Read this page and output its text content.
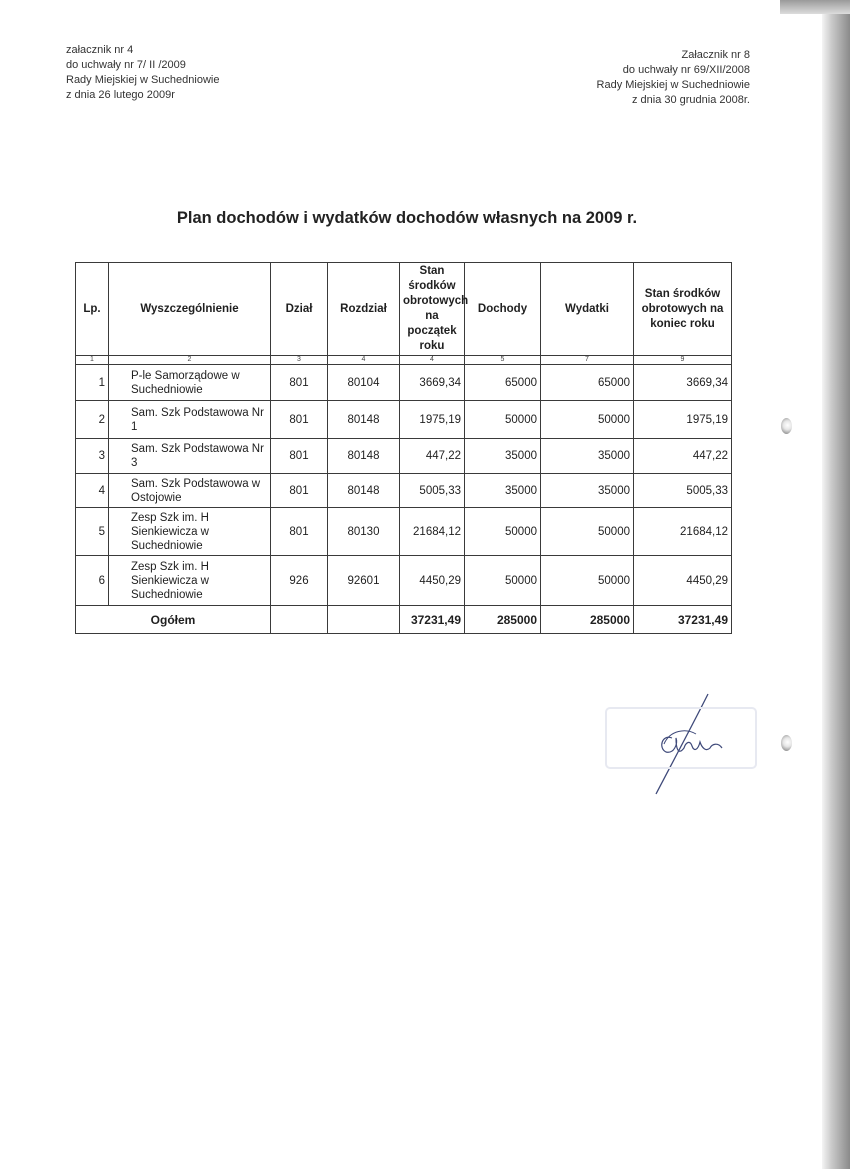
załacznik nr 4
do uchwały nr 7/ II /2009
Rady Miejskiej w Suchedniowie
z dnia 26 lutego 2009r
Załacznik nr 8
do uchwały nr 69/XII/2008
Rady Miejskiej w Suchedniowie
z dnia 30 grudnia 2008r.
Plan dochodów i wydatków dochodów własnych na 2009 r.
Lp.	Wyszczególnienie	Dział	Rozdział	Stan środków obrotowych na początek roku	Dochody	Wydatki	Stan środków obrotowych na koniec roku
1	2	3	4	4	5	7	9
1	P-le Samorządowe w Suchedniowie	801	80104	3669,34	65000	65000	3669,34
2	Sam. Szk Podstawowa Nr 1	801	80148	1975,19	50000	50000	1975,19
3	Sam. Szk Podstawowa Nr 3	801	80148	447,22	35000	35000	447,22
4	Sam. Szk Podstawowa w Ostojowie	801	80148	5005,33	35000	35000	5005,33
5	Zesp Szk im. H Sienkiewicza w Suchedniowie	801	80130	21684,12	50000	50000	21684,12
6	Zesp Szk im. H Sienkiewicza w Suchedniowie	926	92601	4450,29	50000	50000	4450,29
Ogółem				37231,49	285000	285000	37231,49
